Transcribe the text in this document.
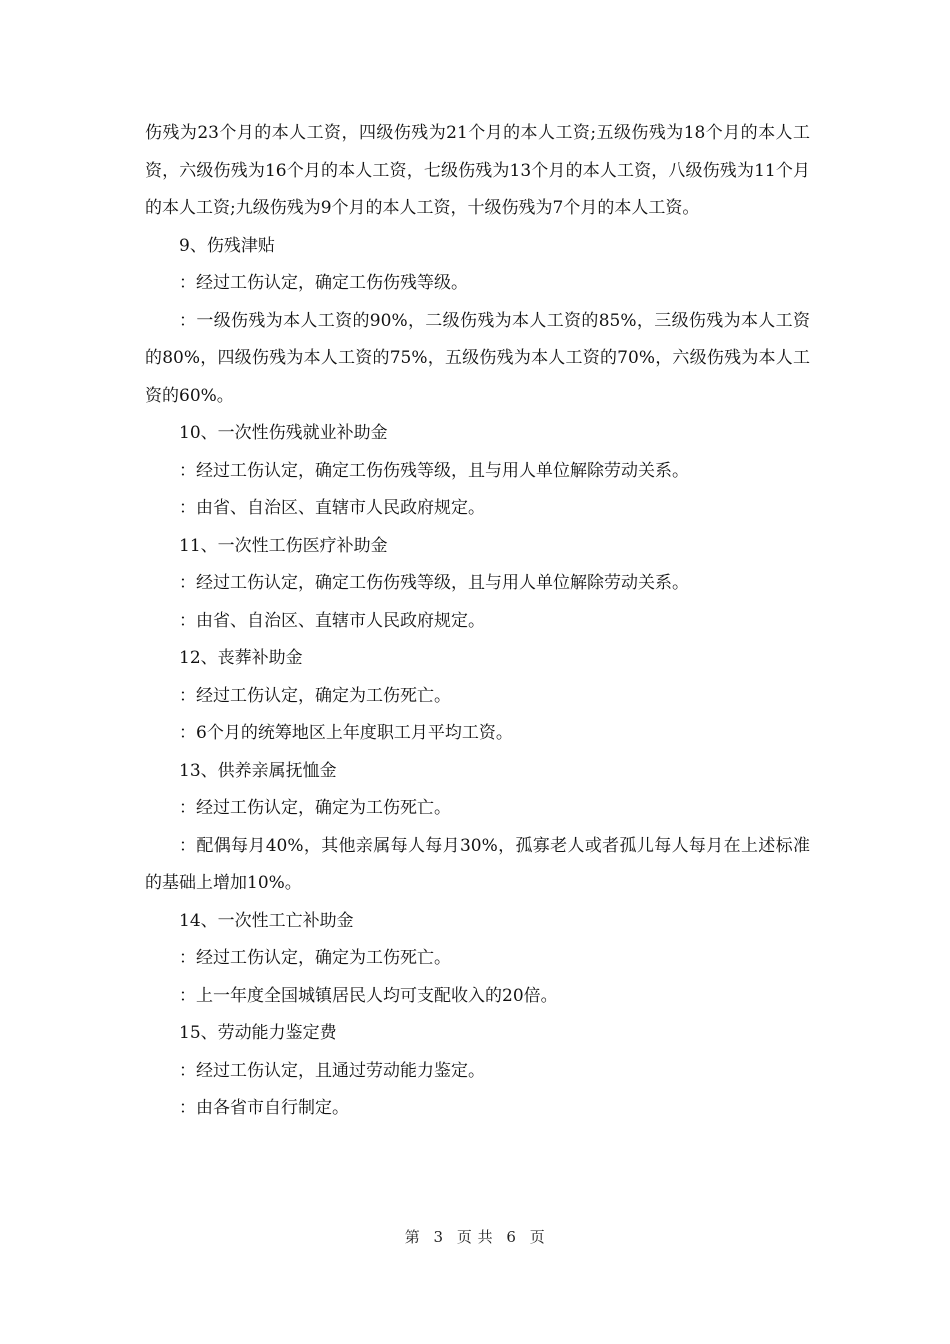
伤残为23个月的本人工资，四级伤残为21个月的本人工资;五级伤残为18个月的本人工资，六级伤残为16个月的本人工资，七级伤残为13个月的本人工资，八级伤残为11个月的本人工资;九级伤残为9个月的本人工资，十级伤残为7个月的本人工资。

9、伤残津贴

：经过工伤认定，确定工伤伤残等级。

：一级伤残为本人工资的90%，二级伤残为本人工资的85%，三级伤残为本人工资的80%，四级伤残为本人工资的75%，五级伤残为本人工资的70%，六级伤残为本人工资的60%。

10、一次性伤残就业补助金

：经过工伤认定，确定工伤伤残等级，且与用人单位解除劳动关系。

：由省、自治区、直辖市人民政府规定。

11、一次性工伤医疗补助金

：经过工伤认定，确定工伤伤残等级，且与用人单位解除劳动关系。

：由省、自治区、直辖市人民政府规定。

12、丧葬补助金

：经过工伤认定，确定为工伤死亡。

：6个月的统筹地区上年度职工月平均工资。

13、供养亲属抚恤金

：经过工伤认定，确定为工伤死亡。

：配偶每月40%，其他亲属每人每月30%，孤寡老人或者孤儿每人每月在上述标准的基础上增加10%。

14、一次性工亡补助金

：经过工伤认定，确定为工伤死亡。

：上一年度全国城镇居民人均可支配收入的20倍。

15、劳动能力鉴定费

：经过工伤认定，且通过劳动能力鉴定。

：由各省市自行制定。

第 3 页 共 6 页
